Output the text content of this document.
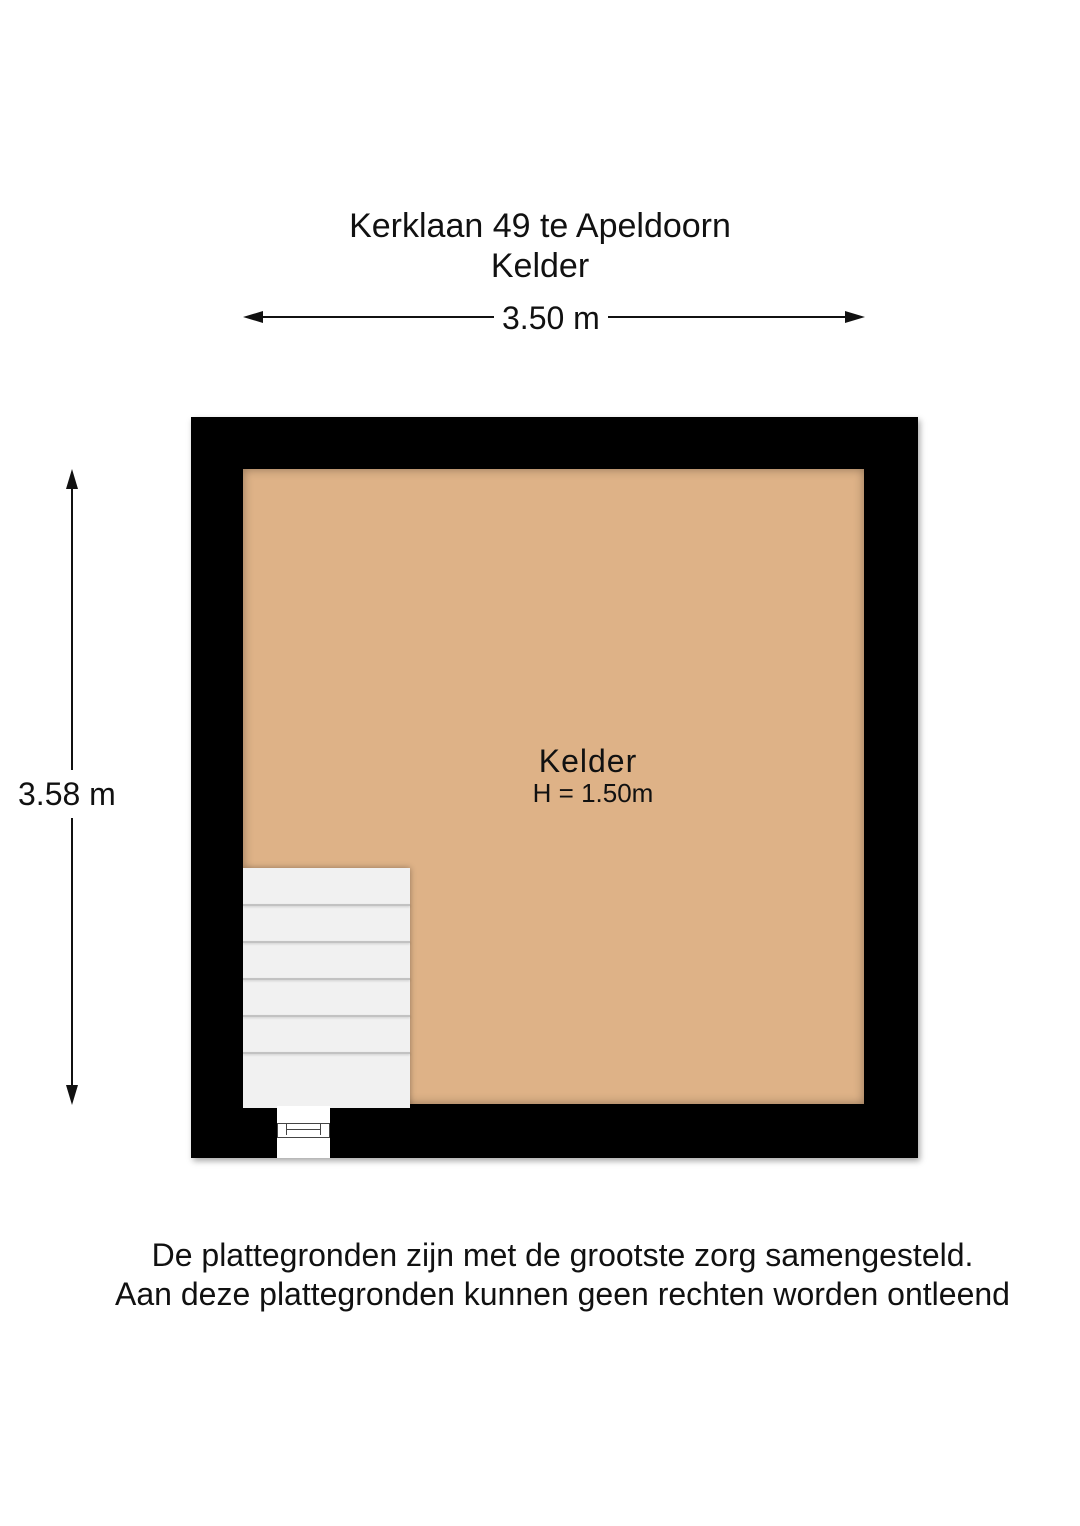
Kerklaan 49 te Apeldoorn
Kelder
3.50 m
3.58 m
Kelder
H = 1.50m
De plattegronden zijn met de grootste zorg samengesteld.
Aan deze plattegronden kunnen geen rechten worden ontleend
